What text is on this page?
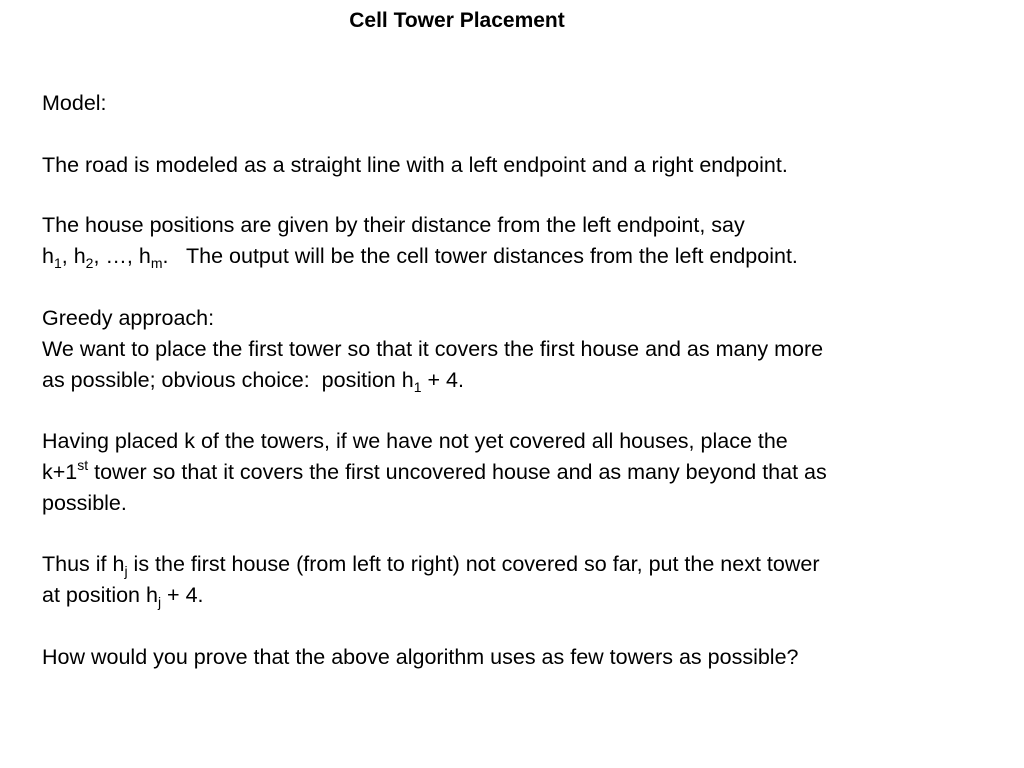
Cell Tower Placement
Model:
The road is modeled as a straight line with a left endpoint and a right endpoint.
The house positions are given by their distance from the left endpoint, say
$h_1$, $h_2$, …, $h_m$.   The output will be the cell tower distances from the left endpoint.
Greedy approach:
We want to place the first tower so that it covers the first house and as many more
as possible; obvious choice:  position $h_1 + 4$.
Having placed k of the towers, if we have not yet covered all houses, place the
k+1st tower so that it covers the first uncovered house and as many beyond that as
possible.
Thus if $h_j$ is the first house (from left to right) not covered so far, put the next tower
at position $h_j + 4$.
How would you prove that the above algorithm uses as few towers as possible?
